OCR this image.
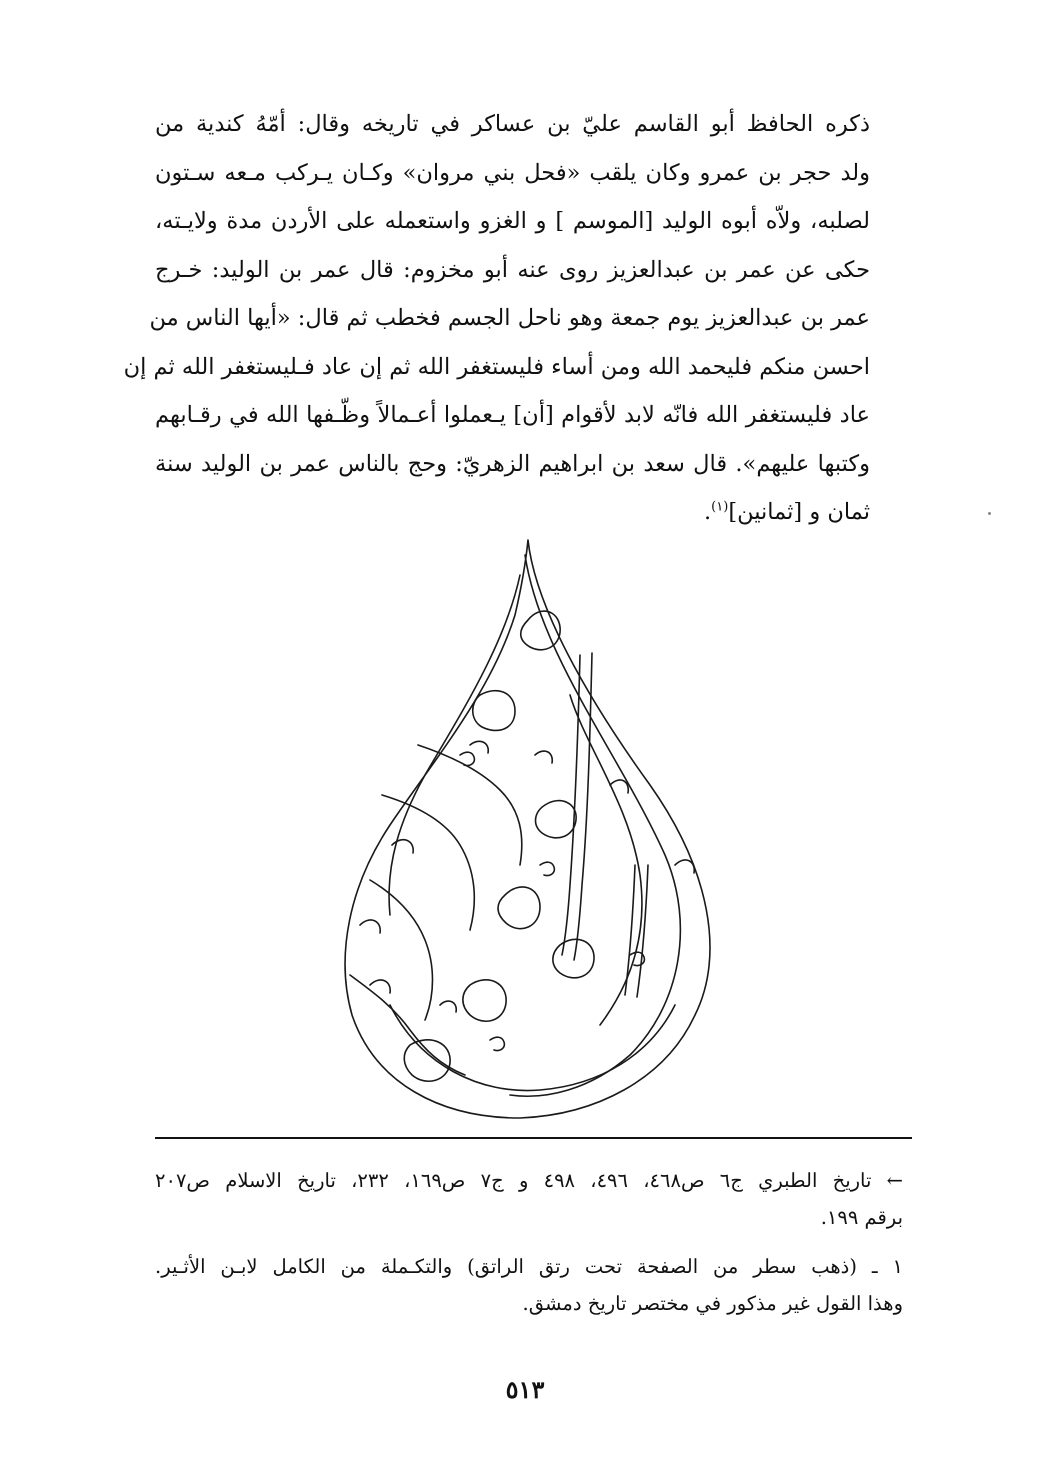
ذكره الحافظ أبو القاسم عليّ بن عساكر في تاريخه وقال: أمّهُ كندية من
ولد حجر بن عمرو وكان يلقب «فحل بني مروان» وكـان يـركب مـعه سـتون
لصلبه، ولاّه أبوه الوليد [الموسم ] و الغزو واستعمله على الأردن مدة ولايـته،
حكى عن عمر بن عبدالعزيز روى عنه أبو مخزوم: قال عمر بن الوليد: خـرج
عمر بن عبدالعزيز يوم جمعة وهو ناحل الجسم فخطب ثم قال: «أيها الناس من
احسن منكم فليحمد الله ومن أساء فليستغفر الله ثم إن عاد فـليستغفر الله ثم إن
عاد فليستغفر الله فانّه لابد لأقوام [أن] يـعملوا أعـمالاً وظّـفها الله في رقـابهم
وكتبها عليهم». قال سعد بن ابراهيم الزهريّ: وحج بالناس عمر بن الوليد سنة
ثمان و [ثمانين]$^{(١)}$.
← تاريخ الطبري ج٦ ص٤٦٨، ٤٩٦، ٤٩٨ و ج٧ ص١٦٩، ٢٣٢، تاريخ الاسلام ص٢٠٧
برقم ١٩٩.
١ ـ (ذهب سطر من الصفحة تحت رتق الراتق) والتكـملة من الكامل لابـن الأثـير.
وهذا القول غير مذكور في مختصر تاريخ دمشق.
٥١٣
